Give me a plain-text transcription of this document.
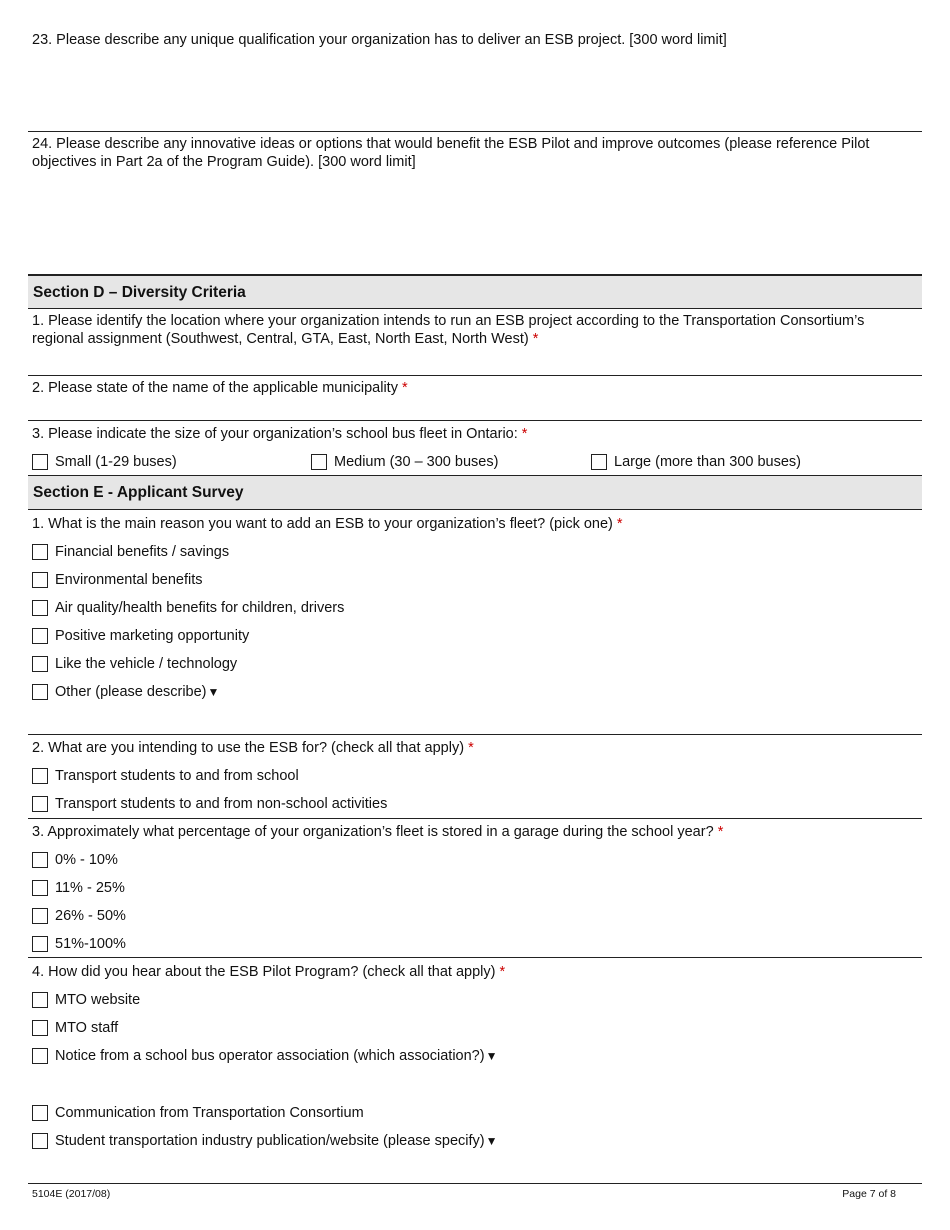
23. Please describe any unique qualification your organization has to deliver an ESB project. [300 word limit]
24. Please describe any innovative ideas or options that would benefit the ESB Pilot and improve outcomes (please reference Pilot objectives in Part 2a of the Program Guide). [300 word limit]
Section D – Diversity Criteria
1. Please identify the location where your organization intends to run an ESB project according to the Transportation Consortium’s regional assignment (Southwest, Central, GTA, East, North East, North West) *
2. Please state of the name of the applicable municipality *
3. Please indicate the size of your organization’s school bus fleet in Ontario: *
Small (1-29 buses)	Medium (30 – 300 buses)	Large (more than 300 buses)
Section E - Applicant Survey
1. What is the main reason you want to add an ESB to your organization’s fleet? (pick one) *
Financial benefits / savings
Environmental benefits
Air quality/health benefits for children, drivers
Positive marketing opportunity
Like the vehicle / technology
Other (please describe) ▼
2. What are you intending to use the ESB for? (check all that apply) *
Transport students to and from school
Transport students to and from non-school activities
3. Approximately what percentage of your organization’s fleet is stored in a garage during the school year? *
0% - 10%
11% - 25%
26% - 50%
51%-100%
4. How did you hear about the ESB Pilot Program? (check all that apply) *
MTO website
MTO staff
Notice from a school bus operator association (which association?) ▼
Communication from Transportation Consortium
Student transportation industry publication/website (please specify) ▼
5104E (2017/08)	Page 7 of 8
